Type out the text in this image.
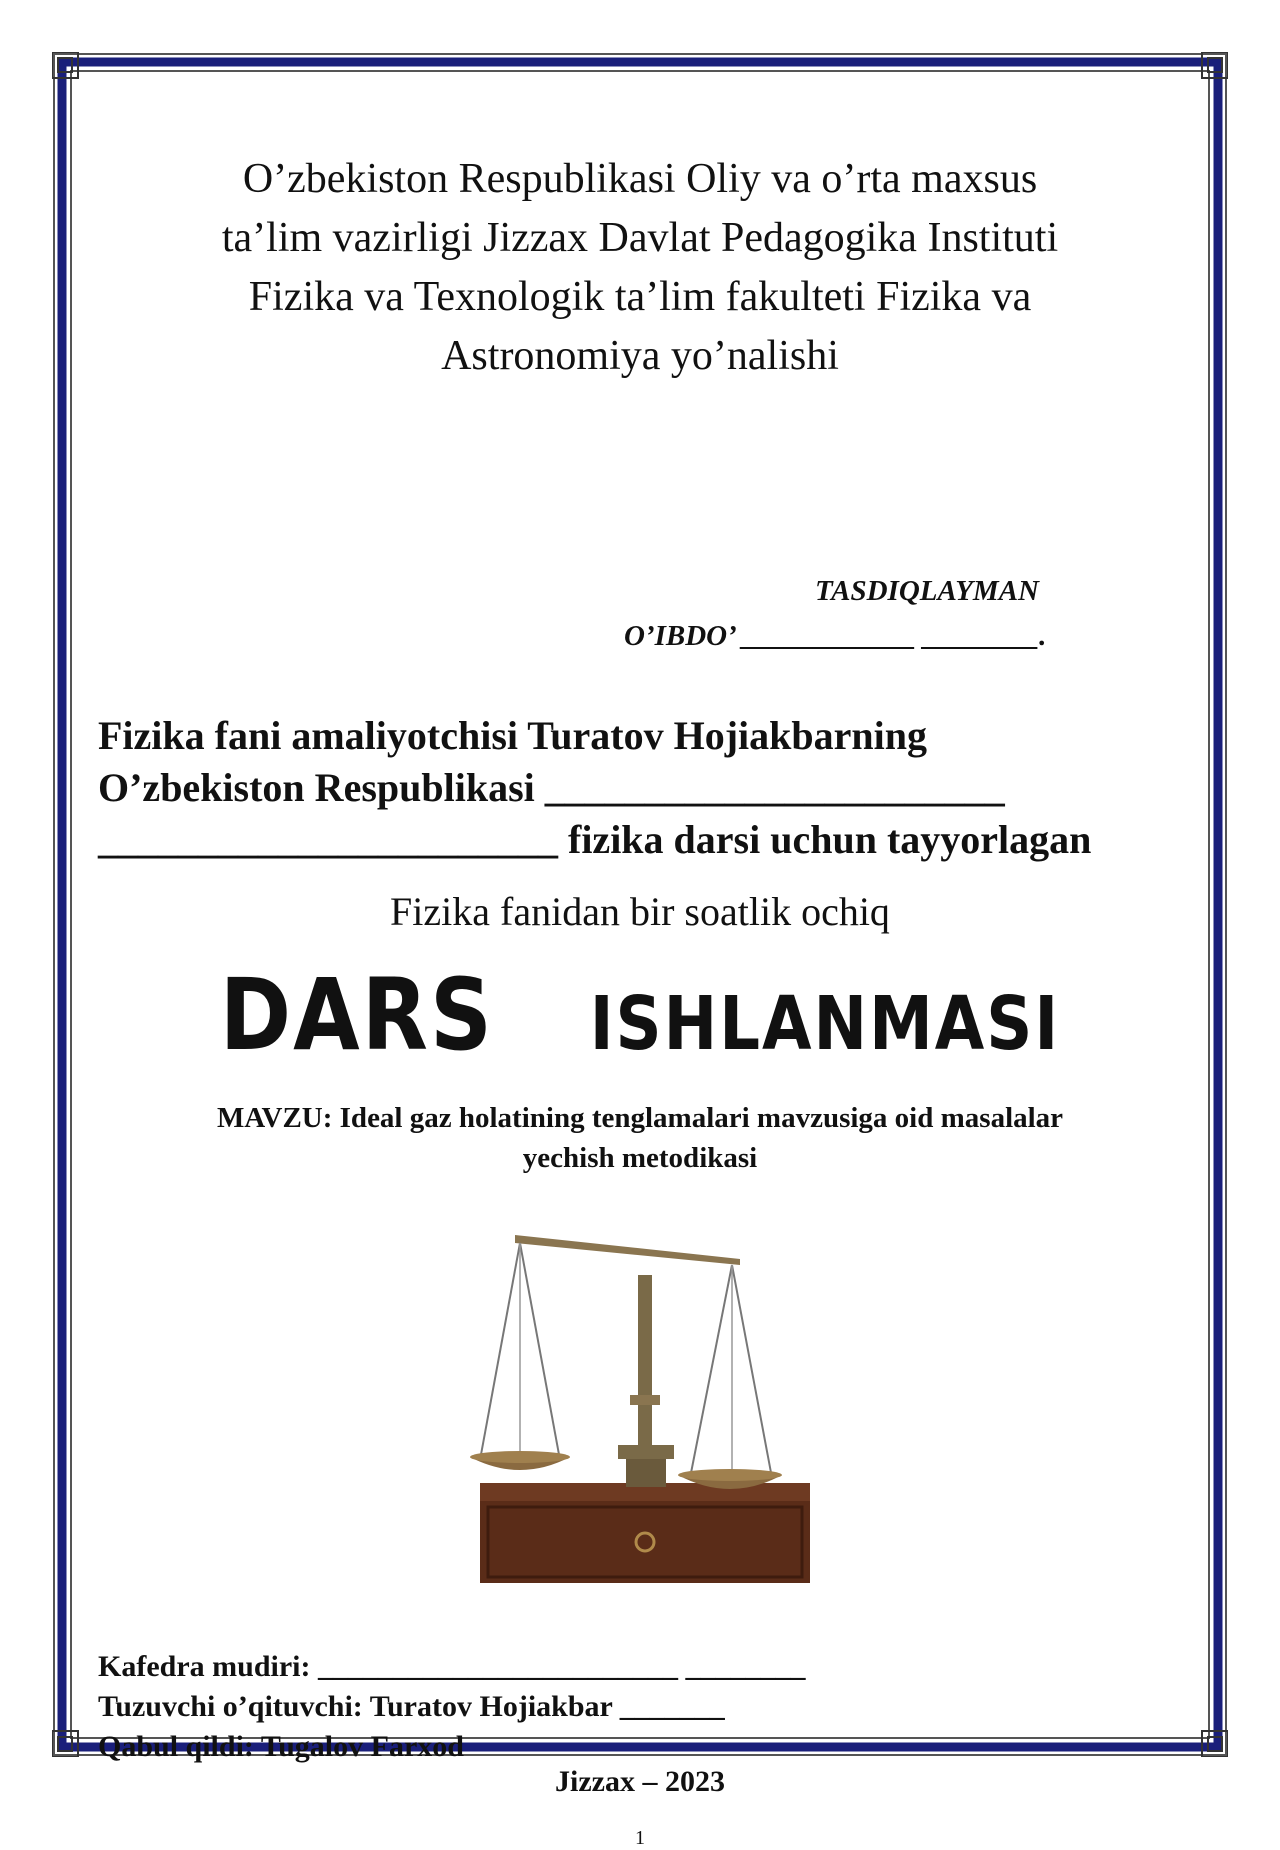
O’zbekiston Respublikasi Oliy va o’rta maxsus
ta’lim vazirligi Jizzax Davlat Pedagogika Instituti
Fizika va Texnologik ta’lim fakulteti Fizika va
Astronomiya yo’nalishi
TASDIQLAYMAN
O’IBDO’ ____________ ________.
Fizika fani amaliyotchisi Turatov Hojiakbarning
O’zbekiston Respublikasi _______________________
_______________________ fizika darsi uchun tayyorlagan
Fizika fanidan bir soatlik ochiq
DARS ISHLANMASI
MAVZU: Ideal gaz holatining tenglamalari mavzusiga oid masalalar
yechish metodikasi
Kafedra mudiri: ________________________ ________
Tuzuvchi o’qituvchi: Turatov Hojiakbar _______
Qabul qildi: Tugalov Farxod
Jizzax – 2023
1
